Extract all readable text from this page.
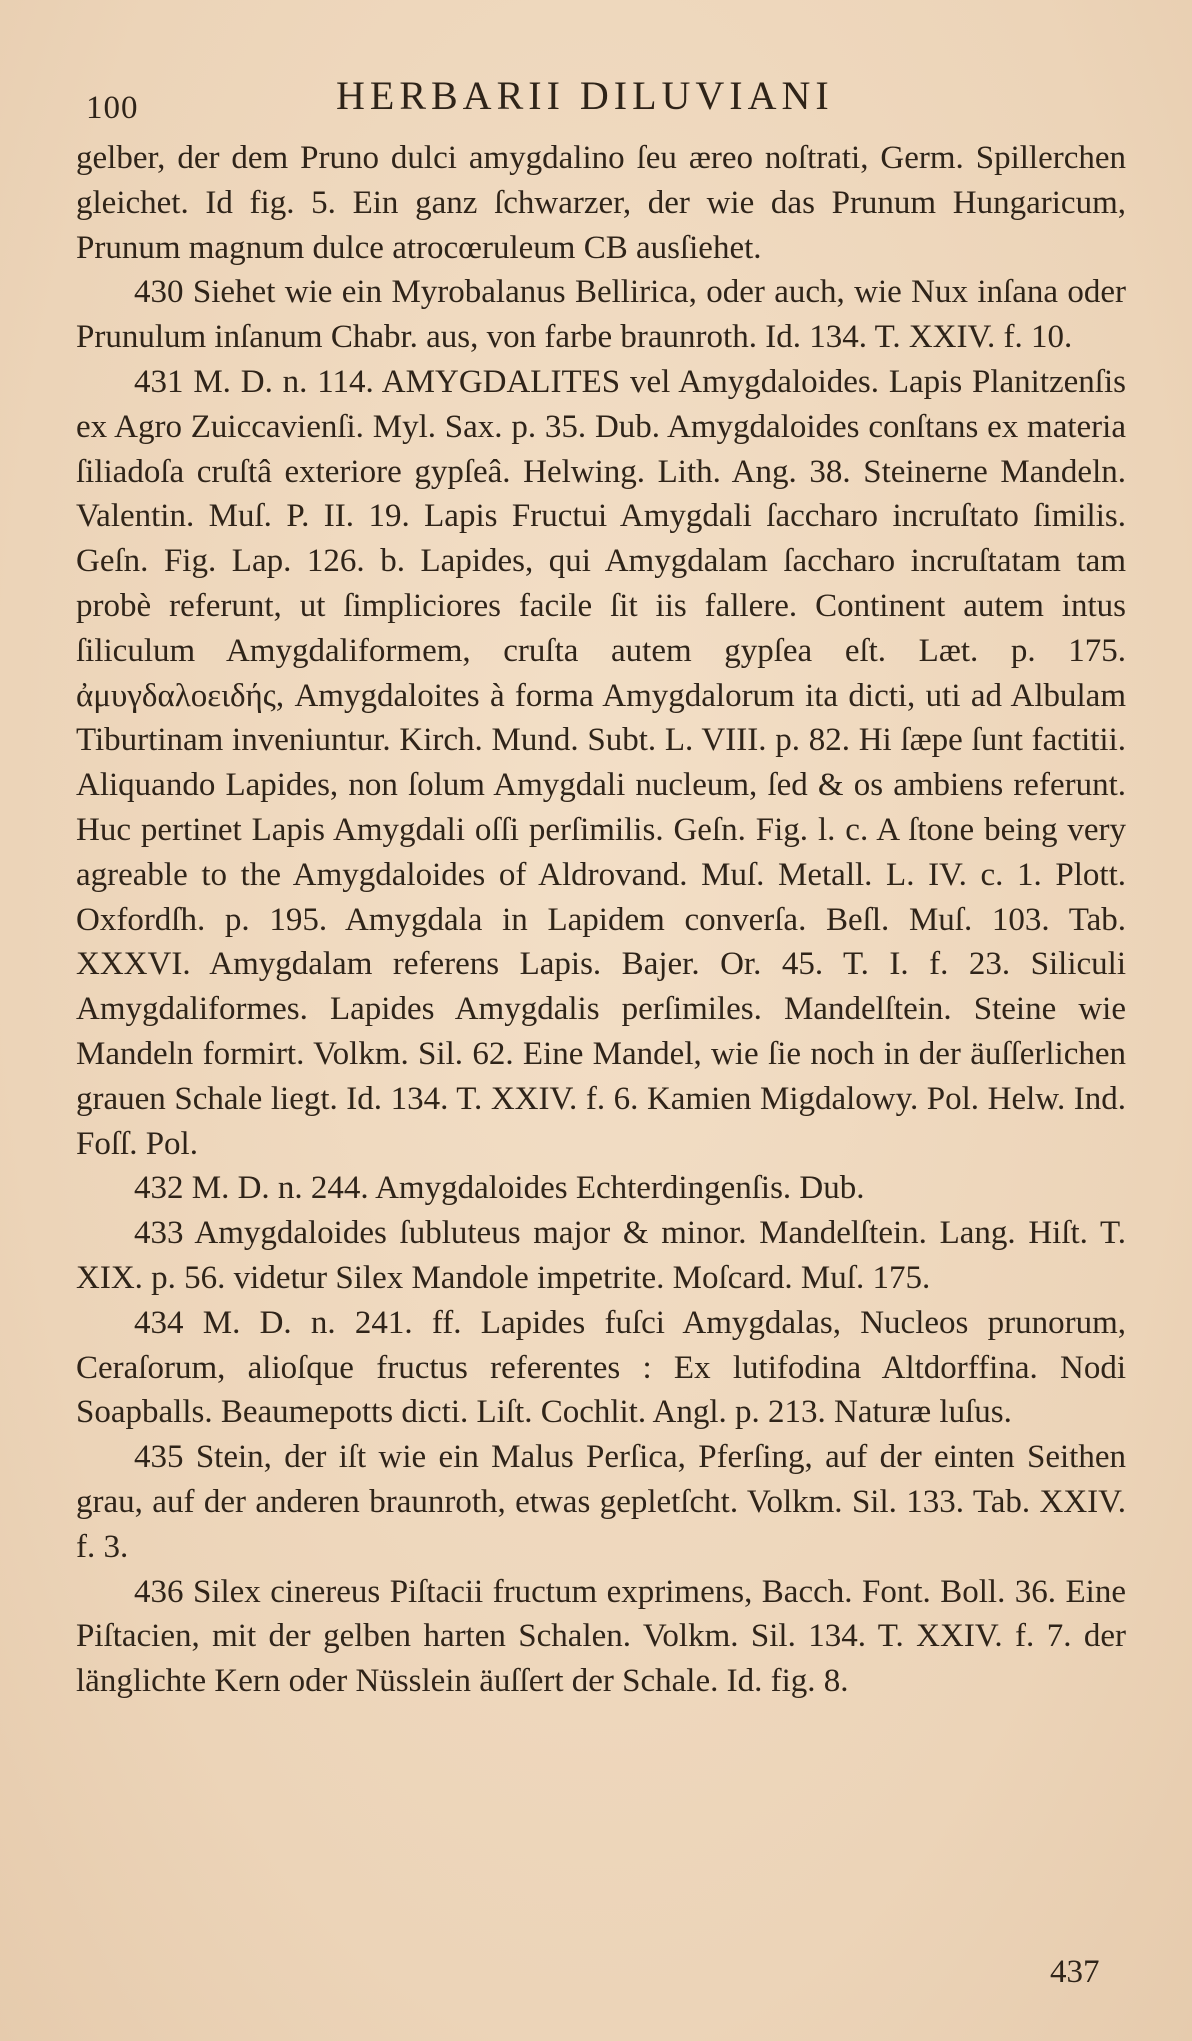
100	HERBARII DILUVIANI

gelber, der dem Pruno dulci amygdalino ſeu æreo noſtrati, Germ. Spillerchen gleichet. Id fig. 5. Ein ganz ſchwarzer, der wie das Prunum Hungaricum, Prunum magnum dulce atrocœruleum CB ausſiehet.

430 Siehet wie ein Myrobalanus Bellirica, oder auch, wie Nux inſana oder Prunulum inſanum Chabr. aus, von farbe braunroth. Id. 134. T. XXIV. f. 10.

431 M. D. n. 114. AMYGDALITES vel Amygdaloides. Lapis Planitzenſis ex Agro Zuiccavienſi. Myl. Sax. p. 35. Dub. Amygdaloides conſtans ex materia ſiliadoſa cruſtâ exteriore gypſeâ. Helwing. Lith. Ang. 38. Steinerne Mandeln. Valentin. Muſ. P. II. 19. Lapis Fructui Amygdali ſaccharo incruſtato ſimilis. Geſn. Fig. Lap. 126. b. Lapides, qui Amygdalam ſaccharo incruſtatam tam probè referunt, ut ſimpliciores facile ſit iis fallere. Continent autem intus ſiliculum Amygdaliformem, cruſta autem gypſea eſt. Læt. p. 175. ἀμυγδαλοειδής, Amygdaloites à forma Amygdalorum ita dicti, uti ad Albulam Tiburtinam inveniuntur. Kirch. Mund. Subt. L. VIII. p. 82. Hi ſæpe ſunt factitii. Aliquando Lapides, non ſolum Amygdali nucleum, ſed & os ambiens referunt. Huc pertinet Lapis Amygdali oſſi perſimilis. Geſn. Fig. l. c. A ſtone being very agreable to the Amygdaloides of Aldrovand. Muſ. Metall. L. IV. c. 1. Plott. Oxfordſh. p. 195. Amygdala in Lapidem converſa. Beſl. Muſ. 103. Tab. XXXVI. Amygdalam referens Lapis. Bajer. Or. 45. T. I. f. 23. Siliculi Amygdaliformes. Lapides Amygdalis perſimiles. Mandelſtein. Steine wie Mandeln formirt. Volkm. Sil. 62. Eine Mandel, wie ſie noch in der äuſſerlichen grauen Schale liegt. Id. 134. T. XXIV. f. 6. Kamien Migdalowy. Pol. Helw. Ind. Foſſ. Pol.

432 M. D. n. 244. Amygdaloides Echterdingenſis. Dub.

433 Amygdaloides ſubluteus major & minor. Mandelſtein. Lang. Hiſt. T. XIX. p. 56. videtur Silex Mandole impetrite. Moſcard. Muſ. 175.

434 M. D. n. 241. ff. Lapides fuſci Amygdalas, Nucleos prunorum, Ceraſorum, alioſque fructus referentes : Ex lutifodina Altdorffina. Nodi Soapballs. Beaumepotts dicti. Liſt. Cochlit. Angl. p. 213. Naturæ luſus.

435 Stein, der iſt wie ein Malus Perſica, Pferſing, auf der einten Seithen grau, auf der anderen braunroth, etwas gepletſcht. Volkm. Sil. 133. Tab. XXIV. f. 3.

436 Silex cinereus Piſtacii fructum exprimens, Bacch. Font. Boll. 36. Eine Piſtacien, mit der gelben harten Schalen. Volkm. Sil. 134. T. XXIV. f. 7. der länglichte Kern oder Nüsslein äuſſert der Schale. Id. fig. 8.

437
